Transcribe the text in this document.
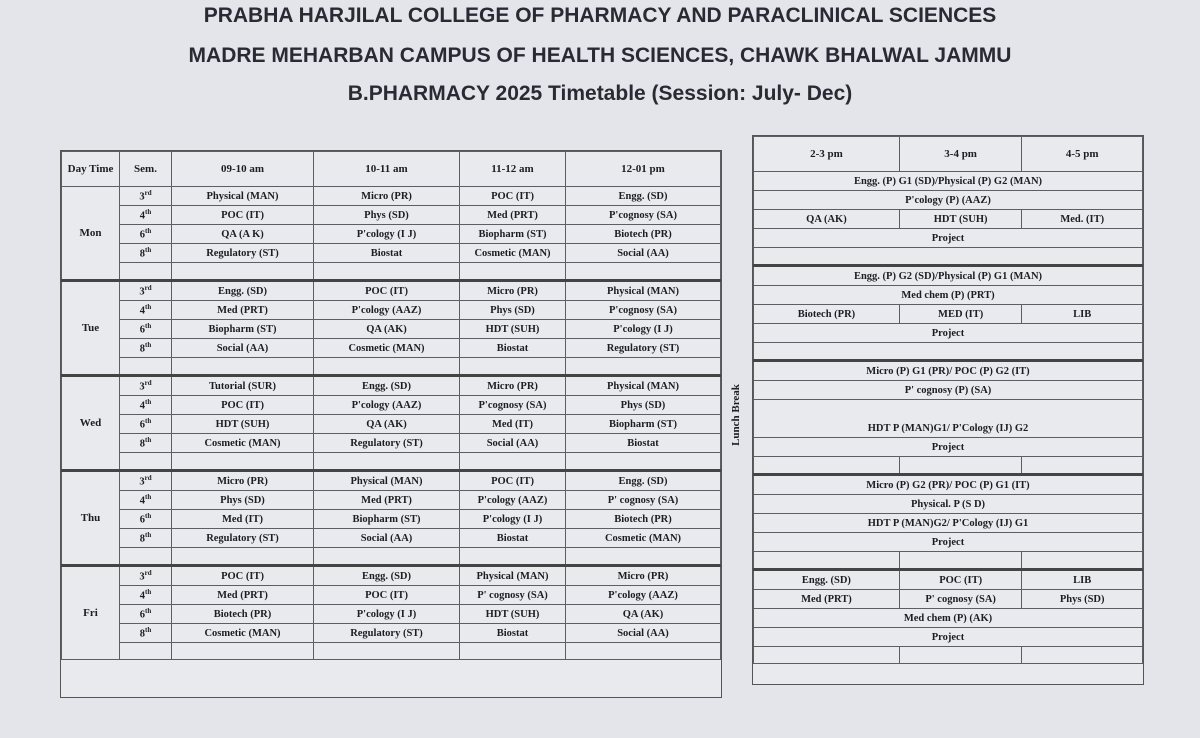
PRABHA HARJILAL COLLEGE OF PHARMACY AND PARACLINICAL SCIENCES
MADRE MEHARBAN CAMPUS OF HEALTH SCIENCES, CHAWK BHALWAL JAMMU
B.PHARMACY 2025 Timetable (Session: July- Dec)
Day Time	Sem.	09-10 am	10-11 am	11-12 am	12-01 pm
Mon	3rd	Physical (MAN)	Micro (PR)	POC (IT)	Engg. (SD)
	4th	POC (IT)	Phys (SD)	Med (PRT)	P'cognosy (SA)
	6th	QA (A K)	P'cology (I J)	Biopharm (ST)	Biotech (PR)
	8th	Regulatory (ST)	Biostat	Cosmetic (MAN)	Social (AA)

Tue	3rd	Engg. (SD)	POC (IT)	Micro (PR)	Physical (MAN)
	4th	Med (PRT)	P'cology (AAZ)	Phys (SD)	P'cognosy (SA)
	6th	Biopharm (ST)	QA (AK)	HDT (SUH)	P'cology (I J)
	8th	Social (AA)	Cosmetic (MAN)	Biostat	Regulatory (ST)

Wed	3rd	Tutorial (SUR)	Engg. (SD)	Micro (PR)	Physical (MAN)
	4th	POC (IT)	P'cology (AAZ)	P'cognosy (SA)	Phys (SD)
	6th	HDT (SUH)	QA (AK)	Med (IT)	Biopharm (ST)
	8th	Cosmetic (MAN)	Regulatory (ST)	Social (AA)	Biostat

Thu	3rd	Micro (PR)	Physical (MAN)	POC (IT)	Engg. (SD)
	4th	Phys (SD)	Med (PRT)	P'cology (AAZ)	P' cognosy (SA)
	6th	Med (IT)	Biopharm (ST)	P'cology (I J)	Biotech (PR)
	8th	Regulatory (ST)	Social (AA)	Biostat	Cosmetic (MAN)

Fri	3rd	POC (IT)	Engg. (SD)	Physical (MAN)	Micro (PR)
	4th	Med (PRT)	POC (IT)	P' cognosy (SA)	P'cology (AAZ)
	6th	Biotech (PR)	P'cology (I J)	HDT (SUH)	QA (AK)
	8th	Cosmetic (MAN)	Regulatory (ST)	Biostat	Social (AA)

Lunch Break
2-3 pm	3-4 pm	4-5 pm
Engg. (P) G1 (SD)/Physical (P) G2 (MAN)		
P'cology (P) (AAZ)		
QA (AK)	HDT (SUH)	Med. (IT)
Project		

Engg. (P) G2 (SD)/Physical (P) G1 (MAN)		
Med chem (P) (PRT)		
Biotech (PR)	MED (IT)	LIB
Project		

Micro (P) G1 (PR)/ POC (P) G2 (IT)		
P' cognosy (P) (SA)		
HDT P (MAN)G1/ P'Cology (IJ) G2		
Project		

Micro (P) G2 (PR)/ POC (P) G1 (IT)		
Physical. P (S D)		
HDT P (MAN)G2/ P'Cology (IJ) G1		
Project		

Engg. (SD)	POC (IT)	LIB
Med (PRT)	P' cognosy (SA)	Phys (SD)
Med chem (P) (AK)		
Project		
